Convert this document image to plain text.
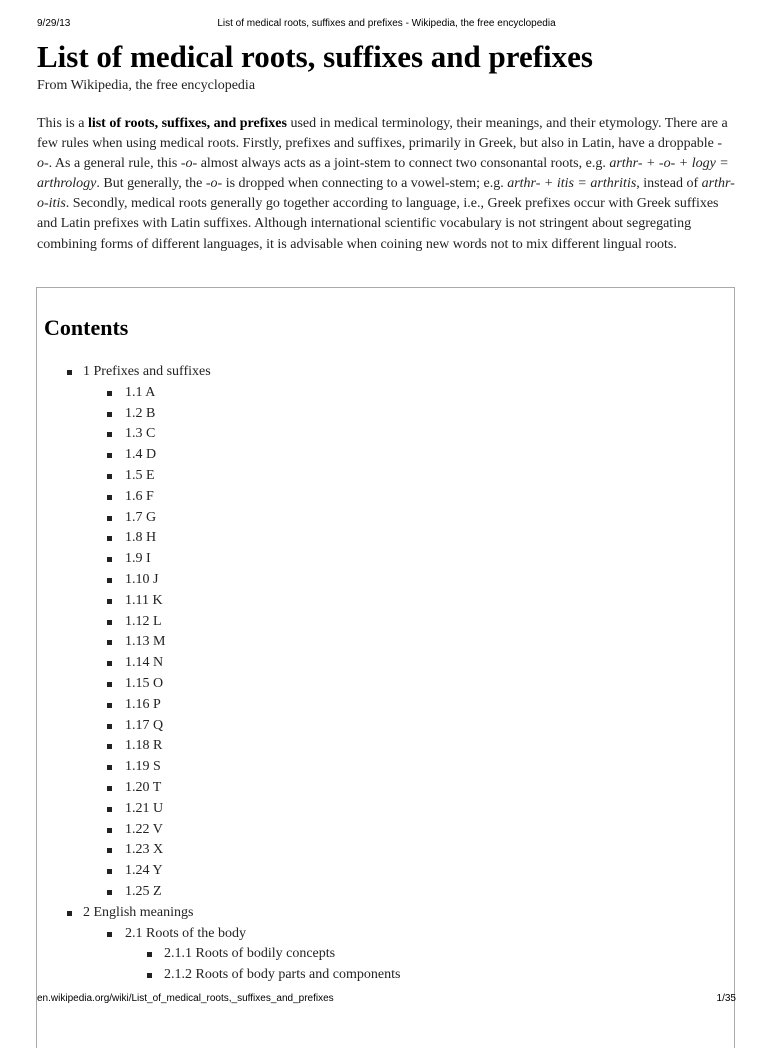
9/29/13	List of medical roots, suffixes and prefixes - Wikipedia, the free encyclopedia
List of medical roots, suffixes and prefixes
From Wikipedia, the free encyclopedia

This is a list of roots, suffixes, and prefixes used in medical terminology, their meanings, and their etymology. There are a few rules when using medical roots. Firstly, prefixes and suffixes, primarily in Greek, but also in Latin, have a droppable -o-. As a general rule, this -o- almost always acts as a joint-stem to connect two consonantal roots, e.g. arthr- + -o- + logy = arthrology. But generally, the -o- is dropped when connecting to a vowel-stem; e.g. arthr- + itis = arthritis, instead of arthr-o-itis. Secondly, medical roots generally go together according to language, i.e., Greek prefixes occur with Greek suffixes and Latin prefixes with Latin suffixes. Although international scientific vocabulary is not stringent about segregating combining forms of different languages, it is advisable when coining new words not to mix different lingual roots.

Contents
1 Prefixes and suffixes
1.1 A
1.2 B
1.3 C
1.4 D
1.5 E
1.6 F
1.7 G
1.8 H
1.9 I
1.10 J
1.11 K
1.12 L
1.13 M
1.14 N
1.15 O
1.16 P
1.17 Q
1.18 R
1.19 S
1.20 T
1.21 U
1.22 V
1.23 X
1.24 Y
1.25 Z
2 English meanings
2.1 Roots of the body
2.1.1 Roots of bodily concepts
2.1.2 Roots of body parts and components
en.wikipedia.org/wiki/List_of_medical_roots,_suffixes_and_prefixes	1/35
